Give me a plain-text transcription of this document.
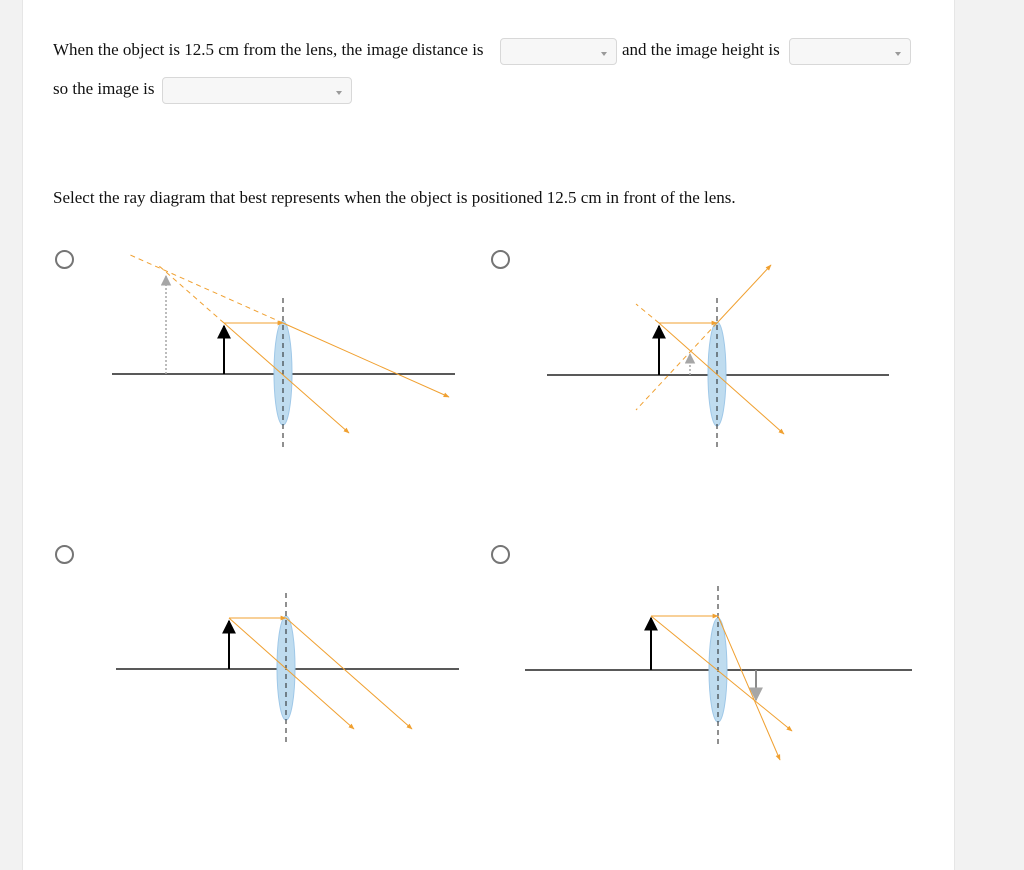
When the object is 12.5 cm from the lens, the image distance is	and the image height is
so the image is
Select the ray diagram that best represents when the object is positioned 12.5 cm in front of the lens.
